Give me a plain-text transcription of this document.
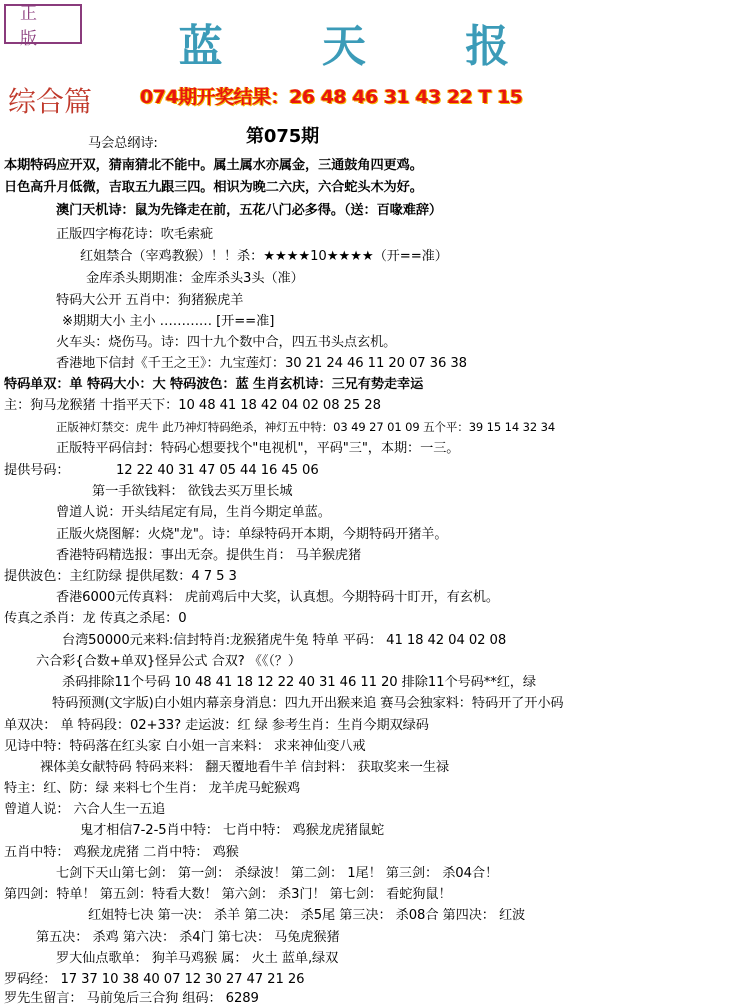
正 版	蓝 天 报
综合篇	074期开奖结果：26 48 46 31 43 22 T 15
第075期
马会总纲诗:
本期特码应开双，猜南猜北不能中。属土属水亦属金，三通鼓角四更鸡。
日色高升月低微，吉取五九跟三四。相识为晚二六庆，六合蛇头木为好。
澳门天机诗：鼠为先锋走在前，五花八门必多得。（送：百喙难辞）
正版四字梅花诗：吹毛索疵
红姐禁合（宰鸡教猴）！！杀：★★★★10★★★★（开==准）
金库杀头期期准：金库杀头3头（准）
特码大公开 五肖中：狗猪猴虎羊
※期期大小 主小 ………… [开==准]
火车头：烧伤马。诗：四十九个数中合，四五书头点玄机。
香港地下信封《千王之王》：九宝莲灯：30 21 24 46 11 20 07 36 38
特码单双：单 特码大小：大 特码波色：蓝 生肖玄机诗：三兄有势走幸运
主：狗马龙猴猪 十指平天下：10 48 41 18 42 04 02 08 25 28
正版神灯禁交：虎牛 此乃神灯特码绝杀，神灯五中特：03 49 27 01 09 五个平：39 15 14 32 34
正版特平码信封：特码心想要找个"电视机"，平码"三"，本期：一三。
提供号码：	12 22 40 31 47 05 44 16 45 06
第一手欲钱料： 欲钱去买万里长城
曾道人说：开头结尾定有局，生肖今期定单蓝。
正版火烧图解：火烧"龙"。诗：单绿特码开本期，今期特码开猪羊。
香港特码精选报：事出无奈。提供生肖： 马羊猴虎猪
提供波色：主红防绿 提供尾数：4 7 5 3
香港6000元传真料： 虎前鸡后中大奖，认真想。今期特码十盯开，有玄机。
传真之杀肖：龙 传真之杀尾：0
台湾50000元来料:信封特肖:龙猴猪虎牛兔 特单 平码： 41 18 42 04 02 08
六合彩{合数+单双}怪异公式 合双? 《《（？）
杀码排除11个号码 10 48 41 18 12 22 40 31 46 11 20 排除11个号码**红，绿
特码预测(文字版)白小姐内幕亲身消息：四九开出猴来追 赛马会独家料：特码开了开小码
单双决： 单 特码段：02+33? 走运波：红 绿 参考生肖：生肖今期双绿码
见诗中特：特码落在红头家 白小姐一言来料： 求来神仙变八戒
裸体美女献特码 特码来料： 翻天覆地看牛羊 信封料： 获取奖来一生禄
特主：红、防：绿 来料七个生肖： 龙羊虎马蛇猴鸡
曾道人说： 六合人生一五追
鬼才相信7-2-5肖中特： 七肖中特： 鸡猴龙虎猪鼠蛇
五肖中特： 鸡猴龙虎猪 二肖中特： 鸡猴
七剑下天山第七剑： 第一剑： 杀绿波！ 第二剑： 1尾！ 第三剑： 杀04合！
第四剑：特单！ 第五剑：特看大数！ 第六剑： 杀3门！ 第七剑： 看蛇狗鼠！
红姐特七决 第一决： 杀羊 第二决： 杀5尾 第三决： 杀08合 第四决： 红波
第五决： 杀鸡 第六决： 杀4门 第七决： 马兔虎猴猪
罗大仙点歌单： 狗羊马鸡猴 属： 火土 蓝单,绿双
罗码经： 17 37 10 38 40 07 12 30 27 47 21 26
罗先生留言： 马前兔后三合狗 组码： 6289
